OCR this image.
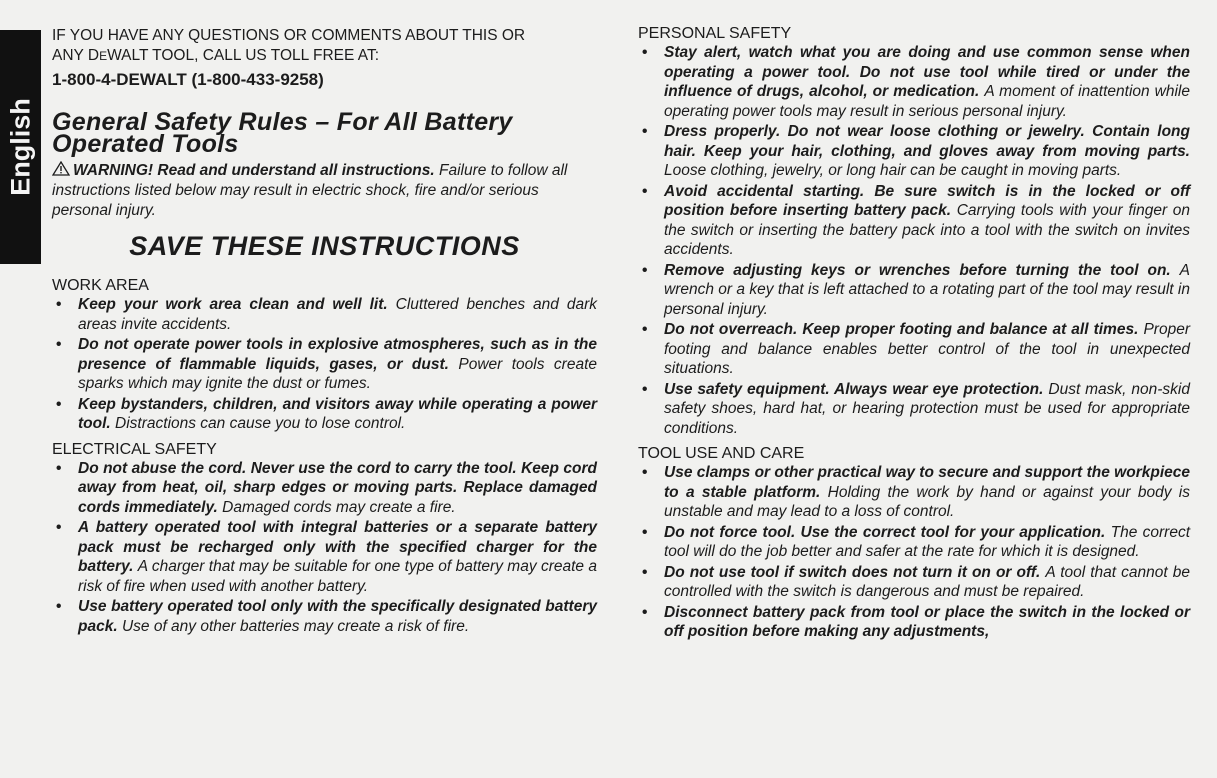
English
IF YOU HAVE ANY QUESTIONS OR COMMENTS ABOUT THIS OR
ANY DEWALT TOOL, CALL US TOLL FREE AT:
1-800-4-DEWALT (1-800-433-9258)
General Safety Rules – For All Battery Operated Tools
WARNING! Read and understand all instructions. Failure to follow all instructions listed below may result in electric shock, fire and/or serious personal injury.
SAVE THESE INSTRUCTIONS
WORK AREA
• Keep your work area clean and well lit. Cluttered benches and dark areas invite accidents.
• Do not operate power tools in explosive atmospheres, such as in the presence of flammable liquids, gases, or dust. Power tools create sparks which may ignite the dust or fumes.
• Keep bystanders, children, and visitors away while operating a power tool. Distractions can cause you to lose control.
ELECTRICAL SAFETY
• Do not abuse the cord. Never use the cord to carry the tool. Keep cord away from heat, oil, sharp edges or moving parts. Replace damaged cords immediately. Damaged cords may create a fire.
• A battery operated tool with integral batteries or a separate battery pack must be recharged only with the specified charger for the battery. A charger that may be suitable for one type of battery may create a risk of fire when used with another battery.
• Use battery operated tool only with the specifically designated battery pack. Use of any other batteries may create a risk of fire.
PERSONAL SAFETY
• Stay alert, watch what you are doing and use common sense when operating a power tool. Do not use tool while tired or under the influence of drugs, alcohol, or medication. A moment of inattention while operating power tools may result in serious personal injury.
• Dress properly. Do not wear loose clothing or jewelry. Contain long hair. Keep your hair, clothing, and gloves away from moving parts. Loose clothing, jewelry, or long hair can be caught in moving parts.
• Avoid accidental starting. Be sure switch is in the locked or off position before inserting battery pack. Carrying tools with your finger on the switch or inserting the battery pack into a tool with the switch on invites accidents.
• Remove adjusting keys or wrenches before turning the tool on. A wrench or a key that is left attached to a rotating part of the tool may result in personal injury.
• Do not overreach. Keep proper footing and balance at all times. Proper footing and balance enables better control of the tool in unexpected situations.
• Use safety equipment. Always wear eye protection. Dust mask, non-skid safety shoes, hard hat, or hearing protection must be used for appropriate conditions.
TOOL USE AND CARE
• Use clamps or other practical way to secure and support the workpiece to a stable platform. Holding the work by hand or against your body is unstable and may lead to a loss of control.
• Do not force tool. Use the correct tool for your application. The correct tool will do the job better and safer at the rate for which it is designed.
• Do not use tool if switch does not turn it on or off. A tool that cannot be controlled with the switch is dangerous and must be repaired.
• Disconnect battery pack from tool or place the switch in the locked or off position before making any adjustments,
